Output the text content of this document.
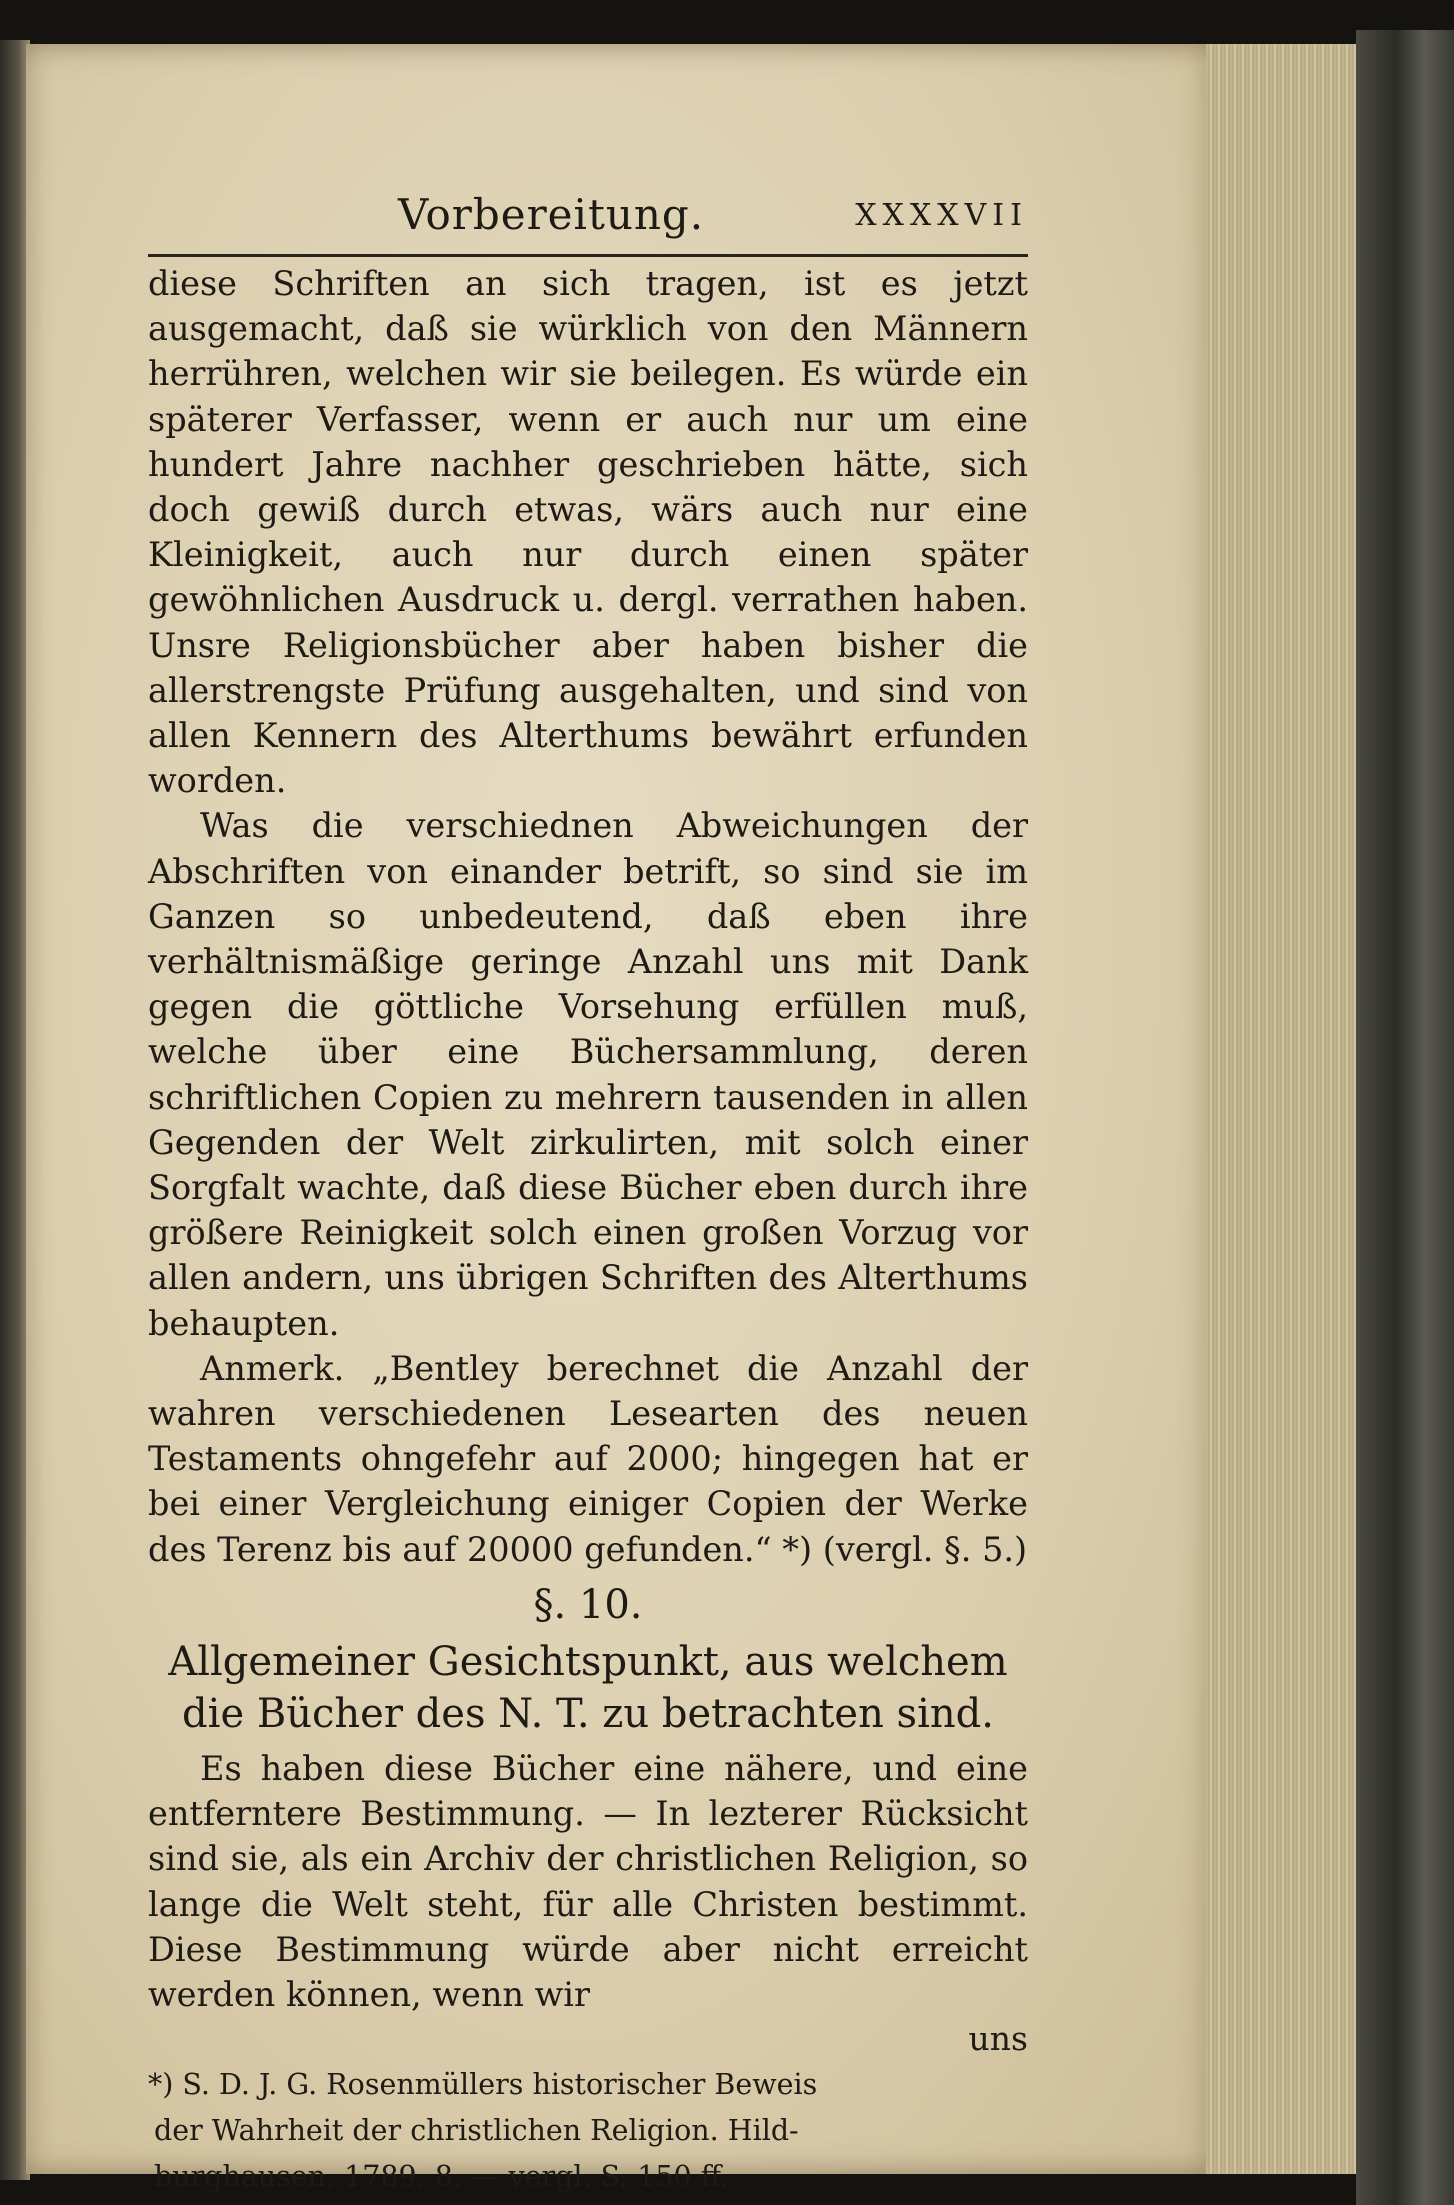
Vorbereitung.	XXXXVII

diese Schriften an sich tragen, ist es jetzt ausgemacht, daß sie würklich von den Männern herrühren, welchen wir sie beilegen. Es würde ein späterer Verfasser, wenn er auch nur um eine hundert Jahre nachher geschrieben hätte, sich doch gewiß durch etwas, wärs auch nur eine Kleinigkeit, auch nur durch einen später gewöhnlichen Ausdruck u. dergl. verrathen haben. Unsre Religionsbücher aber haben bisher die allerstrengste Prüfung ausgehalten, und sind von allen Kennern des Alterthums bewährt erfunden worden.

Was die verschiednen Abweichungen der Abschriften von einander betrift, so sind sie im Ganzen so unbedeutend, daß eben ihre verhältnismäßige geringe Anzahl uns mit Dank gegen die göttliche Vorsehung erfüllen muß, welche über eine Büchersammlung, deren schriftlichen Copien zu mehrern tausenden in allen Gegenden der Welt zirkulirten, mit solch einer Sorgfalt wachte, daß diese Bücher eben durch ihre größere Reinigkeit solch einen großen Vorzug vor allen andern, uns übrigen Schriften des Alterthums behaupten.

Anmerk. „Bentley berechnet die Anzahl der wahren verschiedenen Lesearten des neuen Testaments ohngefehr auf 2000; hingegen hat er bei einer Vergleichung einiger Copien der Werke des Terenz bis auf 20000 gefunden.“ *) (vergl. §. 5.)

§. 10.

Allgemeiner Gesichtspunkt, aus welchem die Bücher des N. T. zu betrachten sind.

Es haben diese Bücher eine nähere, und eine entferntere Bestimmung. — In lezterer Rücksicht sind sie, als ein Archiv der christlichen Religion, so lange die Welt steht, für alle Christen bestimmt. Diese Bestimmung würde aber nicht erreicht werden können, wenn wir

uns

*) S. D. J. G. Rosenmüllers historischer Beweis

der Wahrheit der christlichen Religion. Hild-

burghausen, 1789. 8. — vergl. S. 150 ff.
